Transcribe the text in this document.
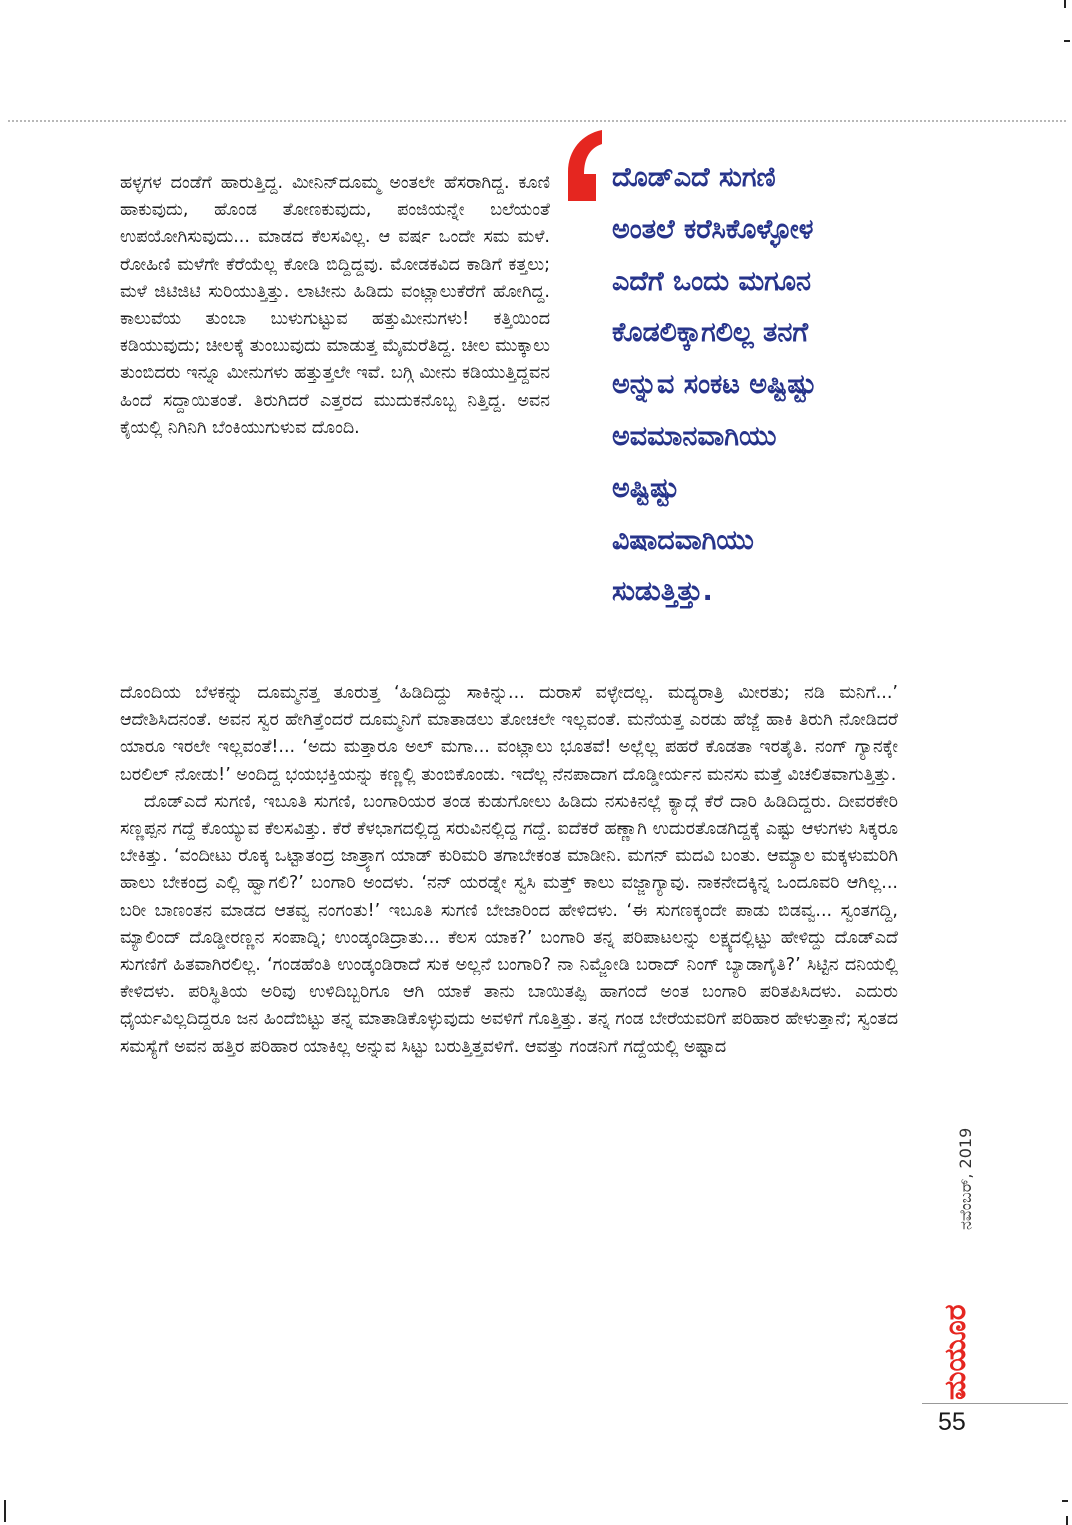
ಹಳ್ಳಗಳ ದಂಡೆಗೆ ಹಾರುತ್ತಿದ್ದ. ಮೀನಿನ್‌ದೂಮ್ಮ ಅಂತಲೇ ಹೆಸರಾಗಿದ್ದ. ಕೂಣಿ ಹಾಕುವುದು, ಹೊಂಡ ತೋಣಕುವುದು, ಪಂಜಿಯನ್ನೇ ಬಲೆಯಂತೆ ಉಪಯೋಗಿಸುವುದು... ಮಾಡದ ಕೆಲಸವಿಲ್ಲ. ಆ ವರ್ಷ ಒಂದೇ ಸಮ ಮಳೆ. ರೋಹಿಣಿ ಮಳೆಗೇ ಕೆರೆಯೆಲ್ಲ ಕೋಡಿ ಬಿದ್ದಿದ್ದವು. ಮೋಡಕವಿದ ಕಾಡಿಗೆ ಕತ್ತಲು; ಮಳೆ ಜಿಟಿಜಿಟಿ ಸುರಿಯುತ್ತಿತ್ತು. ಲಾಟೀನು ಹಿಡಿದು ವಂಟ್ಲಾಲುಕೆರೆಗೆ ಹೋಗಿದ್ದ. ಕಾಲುವೆಯ ತುಂಬಾ ಬುಳುಗುಟ್ಟುವ ಹತ್ತುಮೀನುಗಳು! ಕತ್ತಿಯಿಂದ ಕಡಿಯುವುದು; ಚೀಲಕ್ಕೆ ತುಂಬುವುದು ಮಾಡುತ್ತ ಮೈಮರೆತಿದ್ದ. ಚೀಲ ಮುಕ್ಕಾಲು ತುಂಬಿದರು ಇನ್ನೂ ಮೀನುಗಳು ಹತ್ತುತ್ತಲೇ ಇವೆ. ಬಗ್ಗಿ ಮೀನು ಕಡಿಯುತ್ತಿದ್ದವನ ಹಿಂದೆ ಸದ್ದಾಯಿತಂತೆ. ತಿರುಗಿದರೆ ಎತ್ತರದ ಮುದುಕನೊಬ್ಬ ನಿತ್ತಿದ್ದ. ಅವನ ಕೈಯಲ್ಲಿ ನಿಗಿನಿಗಿ ಬೆಂಕಿಯುಗುಳುವ ದೊಂದಿ.

ದೊಡ್‌ಎದೆ ಸುಗಣಿ
ಅಂತಲೆ ಕರೆಸಿಕೊಳ್ಳೋಳ
ಎದೆಗೆ ಒಂದು ಮಗೂನ
ಕೊಡಲಿಕ್ಕಾಗಲಿಲ್ಲ ತನಗೆ
ಅನ್ನುವ ಸಂಕಟ ಅಷ್ಟಿಷ್ಟು
ಅವಮಾನವಾಗಿಯು
ಅಷ್ಟಿಷ್ಟು
ವಿಷಾದವಾಗಿಯು
ಸುಡುತ್ತಿತ್ತು.

ದೊಂದಿಯ ಬೆಳಕನ್ನು ದೂಮ್ಮನತ್ತ ತೂರುತ್ತ ‘ಹಿಡಿದಿದ್ದು ಸಾಕಿನ್ನು... ದುರಾಸೆ ವಳ್ಳೇದಲ್ಲ. ಮದ್ಯರಾತ್ರಿ ಮೀರತು; ನಡಿ ಮನಿಗೆ...’ ಆದೇಶಿಸಿದನಂತೆ. ಅವನ ಸ್ವರ ಹೇಗಿತ್ತೆಂದರೆ ದೂಮ್ಮನಿಗೆ ಮಾತಾಡಲು ತೋಚಲೇ ಇಲ್ಲವಂತೆ. ಮನೆಯತ್ತ ಎರಡು ಹೆಜ್ಜೆ ಹಾಕಿ ತಿರುಗಿ ನೋಡಿದರೆ ಯಾರೂ ಇರಲೇ ಇಲ್ಲವಂತೆ!... ‘ಅದು ಮತ್ತಾರೂ ಅಲ್ ಮಗಾ... ವಂಟ್ಲಾಲು ಭೂತವೆ! ಅಲ್ಲೆಲ್ಲ ಪಹರೆ ಕೊಡತಾ ಇರತೈತಿ. ನಂಗ್ ಗ್ಯಾನಕ್ಕೇ ಬರಲಿಲ್ ನೋಡು!’ ಅಂದಿದ್ದ ಭಯಭಕ್ತಿಯನ್ನು ಕಣ್ಣಲ್ಲಿ ತುಂಬಿಕೊಂಡು. ಇದೆಲ್ಲ ನೆನಪಾದಾಗ ದೊಡ್ಡೀರ್ಯನ ಮನಸು ಮತ್ತೆ ವಿಚಲಿತವಾಗುತ್ತಿತ್ತು.

ದೊಡ್‌ಎದೆ ಸುಗಣಿ, ಇಬೂತಿ ಸುಗಣಿ, ಬಂಗಾರಿಯರ ತಂಡ ಕುಡುಗೋಲು ಹಿಡಿದು ನಸುಕಿನಲ್ಲೆ ಕ್ಯಾದ್ಗೆ ಕೆರೆ ದಾರಿ ಹಿಡಿದಿದ್ದರು. ದೀವರಕೇರಿ ಸಣ್ಣಪ್ಪನ ಗದ್ದೆ ಕೊಯ್ಯುವ ಕೆಲಸವಿತ್ತು. ಕೆರೆ ಕೆಳಭಾಗದಲ್ಲಿದ್ದ ಸರುವಿನಲ್ಲಿದ್ದ ಗದ್ದೆ. ಐದೆಕರೆ ಹಣ್ಣಾಗಿ ಉದುರತೊಡಗಿದ್ದಕ್ಕೆ ಎಷ್ಟು ಆಳುಗಳು ಸಿಕ್ಕರೂ ಬೇಕಿತ್ತು. ‘ವಂದೀಟು ರೊಕ್ಕ ಒಟ್ಟಾತಂದ್ರ ಜಾತ್ರ್ಯಾಗ ಯಾಡ್ ಕುರಿಮರಿ ತಗಾಬೇಕಂತ ಮಾಡೀನಿ. ಮಗನ್ ಮದವಿ ಬಂತು. ಆಮ್ಯಾಲ ಮಕ್ಕಳುಮರಿಗಿ ಹಾಲು ಬೇಕಂದ್ರ ಎಲ್ಲಿ ಹ್ವಾಗಲಿ?’ ಬಂಗಾರಿ ಅಂದಳು. ‘ನನ್ ಯರಡ್ನೇ ಸ್ವಸಿ ಮತ್ತ್ ಕಾಲು ವಜ್ಜಾಗ್ಯಾವು. ನಾಕನೇದಕ್ಕಿನ್ನ ಒಂದೂವರಿ ಆಗಿಲ್ಲ... ಬರೀ ಬಾಣಂತನ ಮಾಡದ ಆತವ್ವ ನಂಗಂತು!’ ಇಬೂತಿ ಸುಗಣಿ ಬೇಜಾರಿಂದ ಹೇಳಿದಳು. ‘ಈ ಸುಗಣಕ್ಕಂದೇ ಪಾಡು ಬಿಡವ್ವ... ಸ್ವಂತಗದ್ದಿ, ಮ್ಯಾಲಿಂದ್ ದೊಡ್ಡೀರಣ್ಣನ ಸಂಪಾದ್ನಿ; ಉಂಡ್ಕಂಡಿದ್ರಾತು... ಕೆಲಸ ಯಾಕ?’ ಬಂಗಾರಿ ತನ್ನ ಪರಿಪಾಟಲನ್ನು ಲಕ್ಷ್ಯದಲ್ಲಿಟ್ಟು ಹೇಳಿದ್ದು ದೊಡ್‌ಎದೆ ಸುಗಣಿಗೆ ಹಿತವಾಗಿರಲಿಲ್ಲ. ‘ಗಂಡಹೆಂತಿ ಉಂಡ್ಕಂಡಿರಾದೆ ಸುಕ ಅಲ್ಲನೆ ಬಂಗಾರಿ? ನಾ ನಿಮ್ಜೋಡಿ ಬರಾದ್ ನಿಂಗ್ ಬ್ಯಾಡಾಗೈತಿ?’ ಸಿಟ್ಟಿನ ದನಿಯಲ್ಲಿ ಕೇಳಿದಳು. ಪರಿಸ್ಥಿತಿಯ ಅರಿವು ಉಳಿದಿಬ್ಬರಿಗೂ ಆಗಿ ಯಾಕೆ ತಾನು ಬಾಯಿತಪ್ಪಿ ಹಾಗಂದೆ ಅಂತ ಬಂಗಾರಿ ಪರಿತಪಿಸಿದಳು. ಎದುರು ಧೈರ್ಯವಿಲ್ಲದಿದ್ದರೂ ಜನ ಹಿಂದೆಬಿಟ್ಟು ತನ್ನ ಮಾತಾಡಿಕೊಳ್ಳುವುದು ಅವಳಿಗೆ ಗೊತ್ತಿತ್ತು. ತನ್ನ ಗಂಡ ಬೇರೆಯವರಿಗೆ ಪರಿಹಾರ ಹೇಳುತ್ತಾನೆ; ಸ್ವಂತದ ಸಮಸ್ಯೆಗೆ ಅವನ ಹತ್ತಿರ ಪರಿಹಾರ ಯಾಕಿಲ್ಲ ಅನ್ನುವ ಸಿಟ್ಟು ಬರುತ್ತಿತ್ತವಳಿಗೆ. ಆವತ್ತು ಗಂಡನಿಗೆ ಗದ್ದೆಯಲ್ಲಿ ಅಷ್ಟಾದ

ನವೆಂಬರ್, 2019
ಮಯೂರ
55
